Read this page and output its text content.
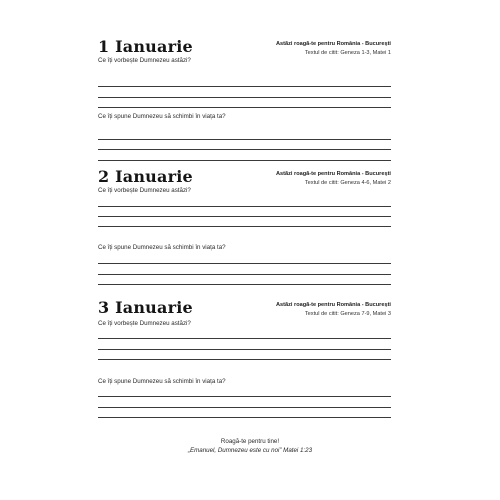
1 Ianuarie	Astăzi roagă-te pentru România - București
Textul de citit: Geneza 1-3, Matei 1
Ce îți vorbește Dumnezeu astăzi?
Ce îți spune Dumnezeu să schimbi în viața ta?
2 Ianuarie	Astăzi roagă-te pentru România - București
Textul de citit: Geneza 4-6, Matei 2
Ce îți vorbește Dumnezeu astăzi?
Ce îți spune Dumnezeu să schimbi în viața ta?
3 Ianuarie	Astăzi roagă-te pentru România - București
Textul de citit: Geneza 7-9, Matei 3
Ce îți vorbește Dumnezeu astăzi?
Ce îți spune Dumnezeu să schimbi în viața ta?
Roagă-te pentru tine!
„Emanuel, Dumnezeu este cu noi” Matei 1:23
